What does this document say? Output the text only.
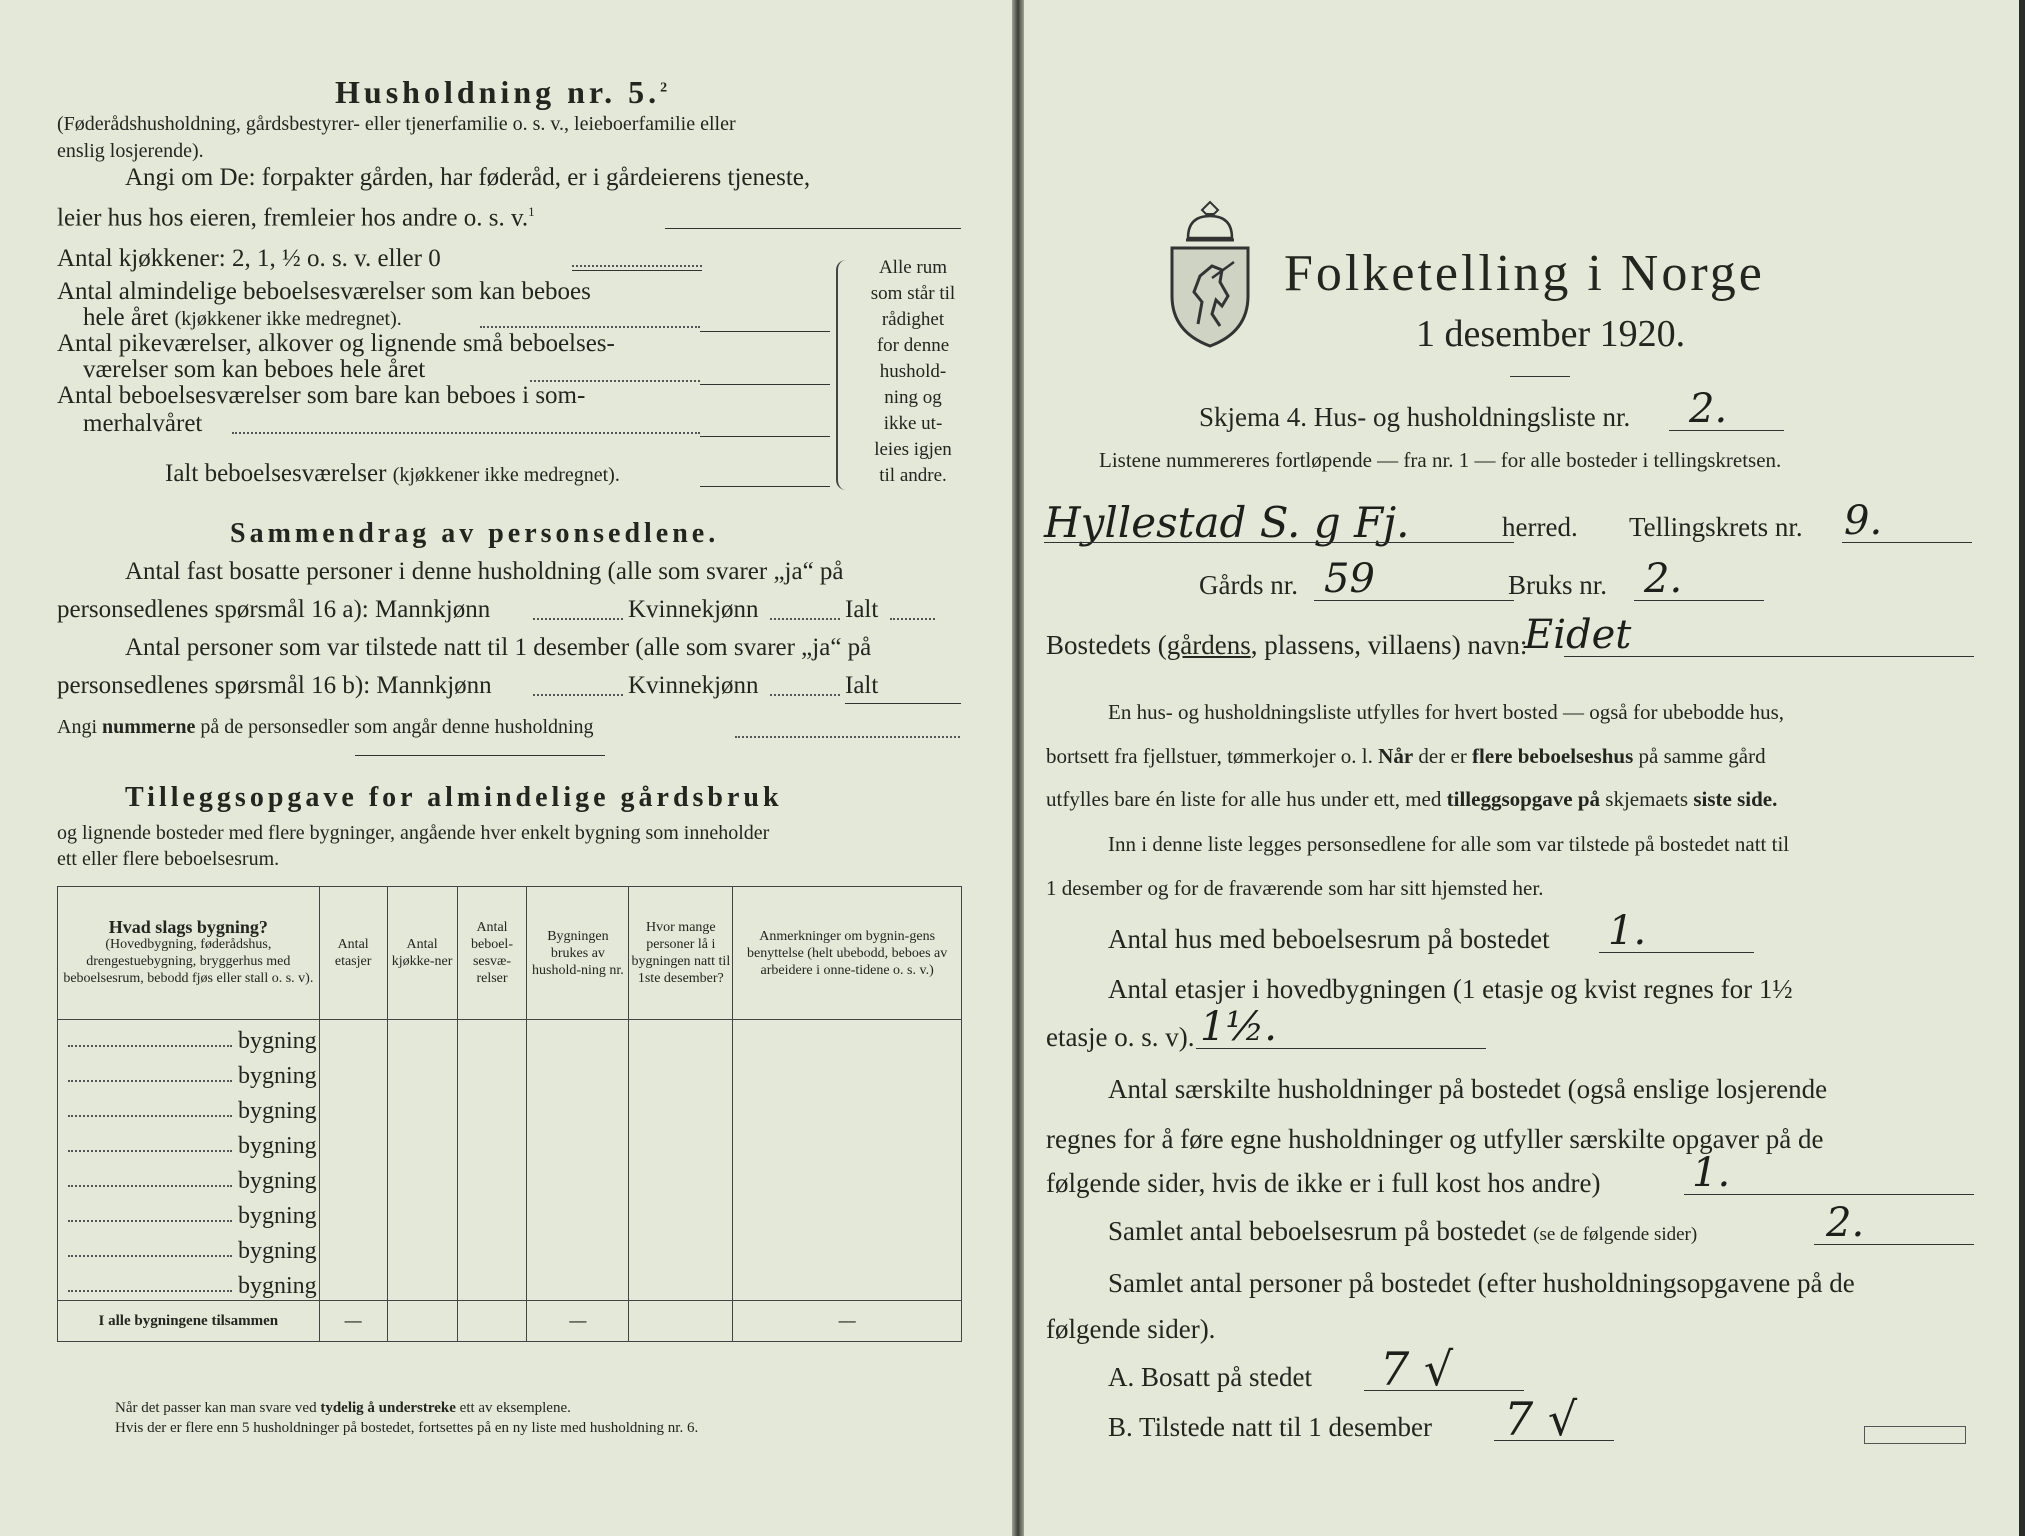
Husholdning nr. 5.$^2$
(Føderådshusholdning, gårdsbestyrer- eller tjenerfamilie o. s. v., leieboerfamilie eller
enslig losjerende).
Angi om De: forpakter gården, har føderåd, er i gårdeierens tjeneste,
leier hus hos eieren, fremleier hos andre o. s. v.$^1$
Antal kjøkkener: 2, 1, ½ o. s. v. eller 0
Antal almindelige beboelsesværelser som kan beboes
hele året (kjøkkener ikke medregnet).
Antal pikeværelser, alkover og lignende små beboelses-
værelser som kan beboes hele året
Antal beboelsesværelser som bare kan beboes i som-
merhalvåret
Ialt beboelsesværelser (kjøkkener ikke medregnet).
Alle rum
som står til
rådighet
for denne
hushold-
ning og
ikke ut-
leies igjen
til andre.
Sammendrag av personsedlene.
Antal fast bosatte personer i denne husholdning (alle som svarer „ja“ på
personsedlenes spørsmål 16 a): Mannkjønn	Kvinnekjønn	Ialt
Antal personer som var tilstede natt til 1 desember (alle som svarer „ja“ på
personsedlenes spørsmål 16 b): Mannkjønn	Kvinnekjønn	Ialt
Angi nummerne på de personsedler som angår denne husholdning
Tilleggsopgave for almindelige gårdsbruk
og lignende bosteder med flere bygninger, angående hver enkelt bygning som inneholder
ett eller flere beboelsesrum.
Hvad slags bygning?
(Hovedbygning, føderådshus, drengestuebygning, bryggerhus med beboelsesrum, bebodd fjøs eller stall o. s. v).	Antal etasjer	Antal kjøkke-ner	Antal beboel-sesvæ-relser	Bygningen brukes av hushold-ning nr.	Hvor mange personer lå i bygningen natt til 1ste desember?	Anmerkninger om bygnin-gens benyttelse (helt ubebodd, beboes av arbeidere i onne-tidene o. s. v.)

bygning						

bygning						

bygning						

bygning						

bygning						

bygning						

bygning						

bygning						

I alle bygningene tilsammen	—			—		—
Når det passer kan man svare ved tydelig å understreke ett av eksemplene.
Hvis der er flere enn 5 husholdninger på bostedet, fortsettes på en ny liste med husholdning nr. 6.
Folketelling i Norge
1 desember 1920.
Skjema 4. Hus- og husholdningsliste nr. 2.
Listene nummereres fortløpende — fra nr. 1 — for alle bosteder i tellingskretsen.
Hyllestad S. g Fj.	herred. Tellingskrets nr. 9.
Gårds nr. 59	Bruks nr. 2.
Bostedets (gårdens, plassens, villaens) navn:
Eidet
En hus- og husholdningsliste utfylles for hvert bosted — også for ubebodde hus,
bortsett fra fjellstuer, tømmerkojer o. l. Når der er flere beboelseshus på samme gård
utfylles bare én liste for alle hus under ett, med tilleggsopgave på skjemaets siste side.
Inn i denne liste legges personsedlene for alle som var tilstede på bostedet natt til
1 desember og for de fraværende som har sitt hjemsted her.
Antal hus med beboelsesrum på bostedet 1.
Antal etasjer i hovedbygningen (1 etasje og kvist regnes for 1½
etasje o. s. v). 1½.
Antal særskilte husholdninger på bostedet (også enslige losjerende
regnes for å føre egne husholdninger og utfyller særskilte opgaver på de
følgende sider, hvis de ikke er i full kost hos andre) 1.
Samlet antal beboelsesrum på bostedet (se de følgende sider)	2.
Samlet antal personer på bostedet (efter husholdningsopgavene på de
følgende sider).
A. Bosatt på stedet 7 √
B. Tilstede natt til 1 desember 7 √
